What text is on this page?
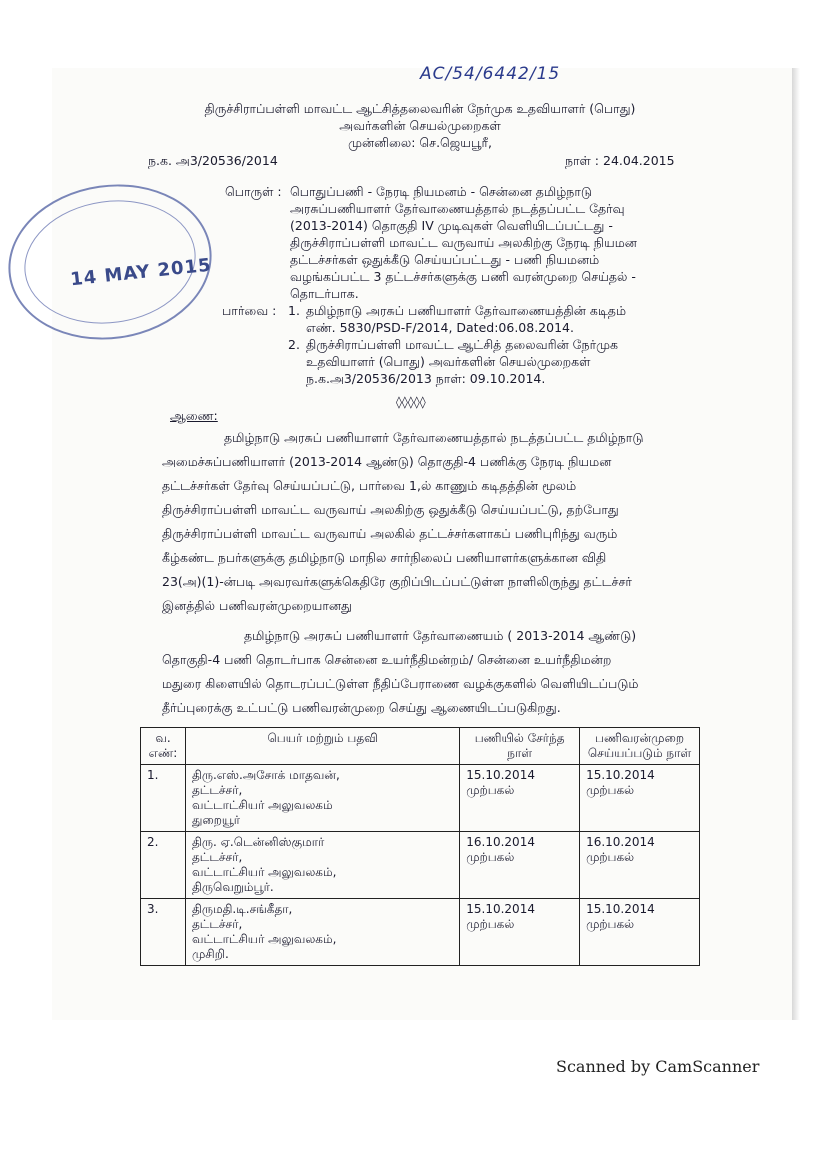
AC/54/6442/15
திருச்சிராப்பள்ளி மாவட்ட ஆட்சித்தலைவரின் நேர்முக உதவியாளர் (பொது)
அவர்களின் செயல்முறைகள்
முன்னிலை: செ.ஜெயபூரீ,
ந.க. அ3/20536/2014	நாள் : 24.04.2015
14 MAY 2015
பொருள் : பொதுப்பணி - நேரடி நியமனம் - சென்னை தமிழ்நாடு
அரசுப்பணியாளர் தேர்வாணையத்தால் நடத்தப்பட்ட தேர்வு
(2013-2014) தொகுதி IV முடிவுகள் வெளியிடப்பட்டது -
திருச்சிராப்பள்ளி மாவட்ட வருவாய் அலகிற்கு நேரடி நியமன
தட்டச்சர்கள் ஒதுக்கீடு செய்யப்பட்டது - பணி நியமனம்
வழங்கப்பட்ட 3 தட்டச்சர்களுக்கு பணி வரன்முறை செய்தல் -
தொடர்பாக.
பார்வை : 1. தமிழ்நாடு அரசுப் பணியாளர் தேர்வாணையத்தின் கடிதம்
எண். 5830/PSD-F/2014, Dated:06.08.2014.
2. திருச்சிராப்பள்ளி மாவட்ட ஆட்சித் தலைவரின் நேர்முக
உதவியாளர் (பொது) அவர்களின் செயல்முறைகள்
ந.க.அ3/20536/2013 நாள்: 09.10.2014.
◊◊◊◊◊
ஆணை:
தமிழ்நாடு அரசுப் பணியாளர் தேர்வாணையத்தால் நடத்தப்பட்ட தமிழ்நாடு
அமைச்சுப்பணியாளர் (2013-2014 ஆண்டு) தொகுதி-4 பணிக்கு நேரடி நியமன
தட்டச்சர்கள் தேர்வு செய்யப்பட்டு, பார்வை 1,ல் காணும் கடிதத்தின் மூலம்
திருச்சிராப்பள்ளி மாவட்ட வருவாய் அலகிற்கு ஒதுக்கீடு செய்யப்பட்டு, தற்போது
திருச்சிராப்பள்ளி மாவட்ட வருவாய் அலகில் தட்டச்சர்களாகப் பணிபுரிந்து வரும்
கீழ்கண்ட நபர்களுக்கு தமிழ்நாடு மாநில சார்நிலைப் பணியாளர்களுக்கான விதி
23(அ)(1)-ன்படி அவரவர்களுக்கெதிரே குறிப்பிடப்பட்டுள்ள நாளிலிருந்து தட்டச்சர்
இனத்தில் பணிவரன்முறையானது
தமிழ்நாடு அரசுப் பணியாளர் தேர்வாணையம் ( 2013-2014 ஆண்டு)
தொகுதி-4 பணி தொடர்பாக சென்னை உயர்நீதிமன்றம்/ சென்னை உயர்நீதிமன்ற
மதுரை கிளையில் தொடரப்பட்டுள்ள நீதிப்பேராணை வழக்குகளில் வெளியிடப்படும்
தீர்ப்புரைக்கு உட்பட்டு பணிவரன்முறை செய்து ஆணையிடப்படுகிறது.
வ. எண்:	பெயர் மற்றும் பதவி	பணியில் சேர்ந்த நாள்	பணிவரன்முறை செய்யப்படும் நாள்
1.	திரு.எஸ்.அசோக் மாதவன்,
தட்டச்சர்,
வட்டாட்சியர் அலுவலகம்
துறையூர்	15.10.2014
முற்பகல்	15.10.2014
முற்பகல்

2.	திரு. ஏ.டென்னிஸ்குமார்
தட்டச்சர்,
வட்டாட்சியர் அலுவலகம்,
திருவெறும்பூர்.	16.10.2014
முற்பகல்	16.10.2014
முற்பகல்

3.	திருமதி.டி.சங்கீதா,
தட்டச்சர்,
வட்டாட்சியர் அலுவலகம்,
முசிறி.	15.10.2014
முற்பகல்	15.10.2014
முற்பகல்
Scanned by CamScanner
